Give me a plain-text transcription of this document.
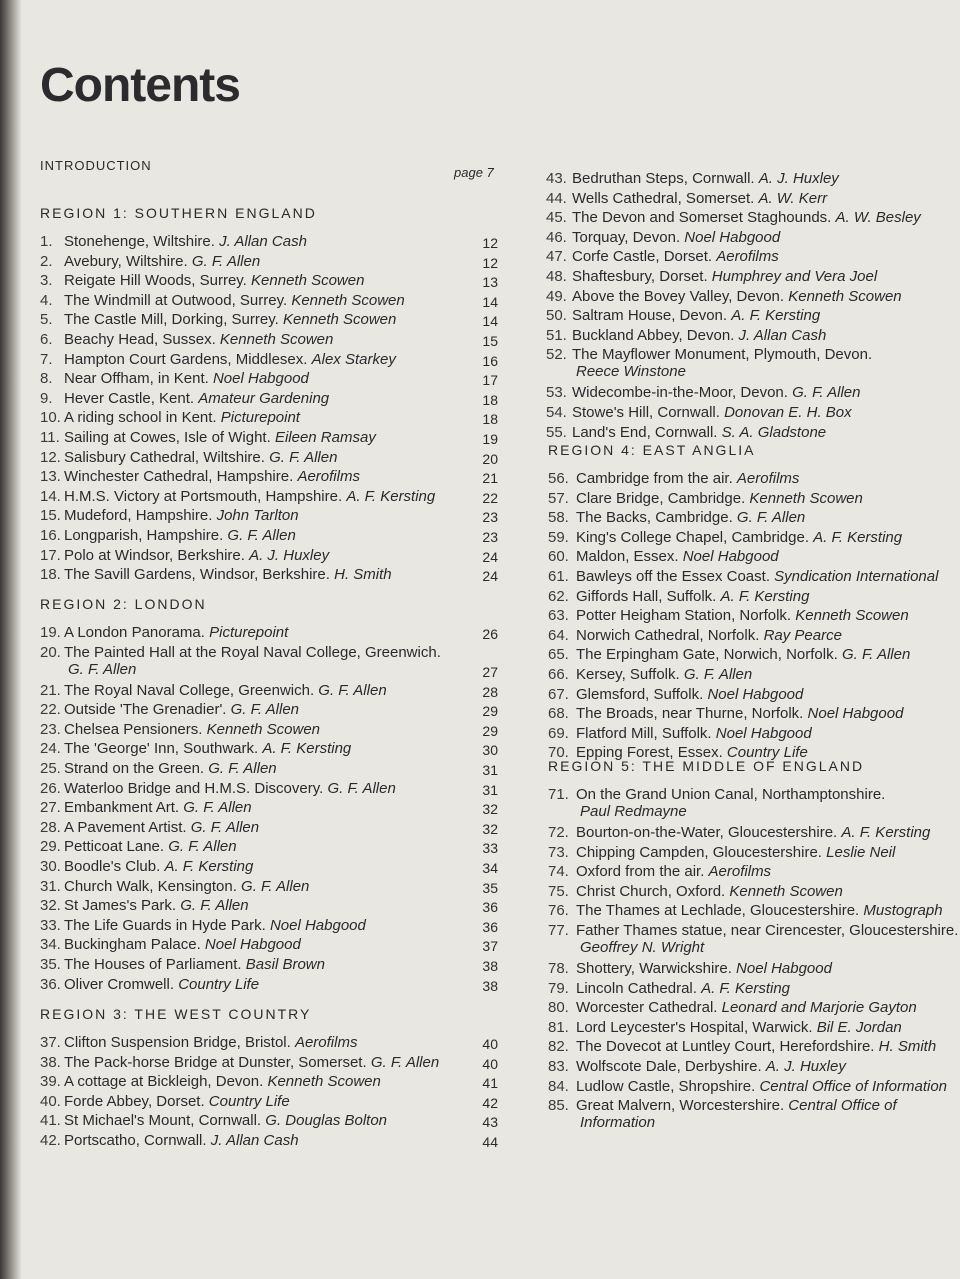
Contents
INTRODUCTION	page 7
REGION 1: SOUTHERN ENGLAND
12
1. Stonehenge, Wiltshire. J. Allan Cash
12
2. Avebury, Wiltshire. G. F. Allen
13
3. Reigate Hill Woods, Surrey. Kenneth Scowen
14
4. The Windmill at Outwood, Surrey. Kenneth Scowen
14
5. The Castle Mill, Dorking, Surrey. Kenneth Scowen
15
6. Beachy Head, Sussex. Kenneth Scowen
16
7. Hampton Court Gardens, Middlesex. Alex Starkey
17
8. Near Offham, in Kent. Noel Habgood
18
9. Hever Castle, Kent. Amateur Gardening
18
10. A riding school in Kent. Picturepoint
19
11. Sailing at Cowes, Isle of Wight. Eileen Ramsay
20
12. Salisbury Cathedral, Wiltshire. G. F. Allen
21
13. Winchester Cathedral, Hampshire. Aerofilms
22
14. H.M.S. Victory at Portsmouth, Hampshire. A. F. Kersting
23
15. Mudeford, Hampshire. John Tarlton
23
16. Longparish, Hampshire. G. F. Allen
24
17. Polo at Windsor, Berkshire. A. J. Huxley
24
18. The Savill Gardens, Windsor, Berkshire. H. Smith
REGION 2: LONDON
26
19. A London Panorama. Picturepoint
27
20. The Painted Hall at the Royal Naval College, Greenwich.
G. F. Allen
28
21. The Royal Naval College, Greenwich. G. F. Allen
29
22. Outside 'The Grenadier'. G. F. Allen
29
23. Chelsea Pensioners. Kenneth Scowen
30
24. The 'George' Inn, Southwark. A. F. Kersting
31
25. Strand on the Green. G. F. Allen
31
26. Waterloo Bridge and H.M.S. Discovery. G. F. Allen
32
27. Embankment Art. G. F. Allen
32
28. A Pavement Artist. G. F. Allen
33
29. Petticoat Lane. G. F. Allen
34
30. Boodle's Club. A. F. Kersting
35
31. Church Walk, Kensington. G. F. Allen
36
32. St James's Park. G. F. Allen
36
33. The Life Guards in Hyde Park. Noel Habgood
37
34. Buckingham Palace. Noel Habgood
38
35. The Houses of Parliament. Basil Brown
38
36. Oliver Cromwell. Country Life
REGION 3: THE WEST COUNTRY
40
37. Clifton Suspension Bridge, Bristol. Aerofilms
40
38. The Pack-horse Bridge at Dunster, Somerset. G. F. Allen
41
39. A cottage at Bickleigh, Devon. Kenneth Scowen
42
40. Forde Abbey, Dorset. Country Life
43
41. St Michael's Mount, Cornwall. G. Douglas Bolton
44
42. Portscatho, Cornwall. J. Allan Cash
43. Bedruthan Steps, Cornwall. A. J. Huxley
44. Wells Cathedral, Somerset. A. W. Kerr
45. The Devon and Somerset Staghounds. A. W. Besley
46. Torquay, Devon. Noel Habgood
47. Corfe Castle, Dorset. Aerofilms
48. Shaftesbury, Dorset. Humphrey and Vera Joel
49. Above the Bovey Valley, Devon. Kenneth Scowen
50. Saltram House, Devon. A. F. Kersting
51. Buckland Abbey, Devon. J. Allan Cash
52. The Mayflower Monument, Plymouth, Devon.
Reece Winstone
53. Widecombe-in-the-Moor, Devon. G. F. Allen
54. Stowe's Hill, Cornwall. Donovan E. H. Box
55. Land's End, Cornwall. S. A. Gladstone
REGION 4: EAST ANGLIA
56. Cambridge from the air. Aerofilms
57. Clare Bridge, Cambridge. Kenneth Scowen
58. The Backs, Cambridge. G. F. Allen
59. King's College Chapel, Cambridge. A. F. Kersting
60. Maldon, Essex. Noel Habgood
61. Bawleys off the Essex Coast. Syndication International
62. Giffords Hall, Suffolk. A. F. Kersting
63. Potter Heigham Station, Norfolk. Kenneth Scowen
64. Norwich Cathedral, Norfolk. Ray Pearce
65. The Erpingham Gate, Norwich, Norfolk. G. F. Allen
66. Kersey, Suffolk. G. F. Allen
67. Glemsford, Suffolk. Noel Habgood
68. The Broads, near Thurne, Norfolk. Noel Habgood
69. Flatford Mill, Suffolk. Noel Habgood
70. Epping Forest, Essex. Country Life
REGION 5: THE MIDDLE OF ENGLAND
71. On the Grand Union Canal, Northamptonshire.
Paul Redmayne
72. Bourton-on-the-Water, Gloucestershire. A. F. Kersting
73. Chipping Campden, Gloucestershire. Leslie Neil
74. Oxford from the air. Aerofilms
75. Christ Church, Oxford. Kenneth Scowen
76. The Thames at Lechlade, Gloucestershire. Mustograph
77. Father Thames statue, near Cirencester, Gloucestershire.
Geoffrey N. Wright
78. Shottery, Warwickshire. Noel Habgood
79. Lincoln Cathedral. A. F. Kersting
80. Worcester Cathedral. Leonard and Marjorie Gayton
81. Lord Leycester's Hospital, Warwick. Bil E. Jordan
82. The Dovecot at Luntley Court, Herefordshire. H. Smith
83. Wolfscote Dale, Derbyshire. A. J. Huxley
84. Ludlow Castle, Shropshire. Central Office of Information
85. Great Malvern, Worcestershire. Central Office of
Information
